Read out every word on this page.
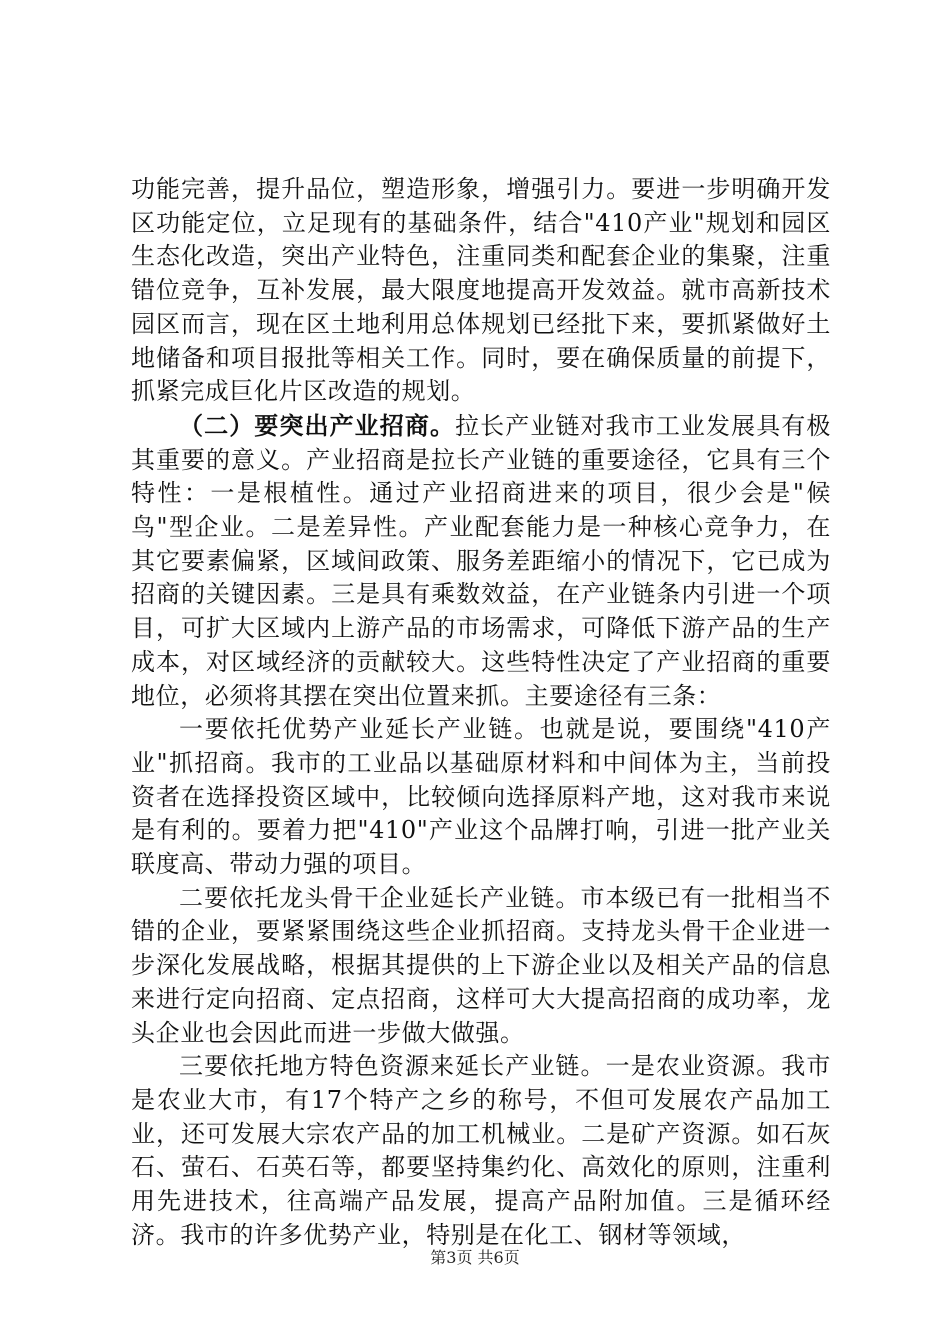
功能完善，提升品位，塑造形象，增强引力。要进一步明确开发区功能定位，立足现有的基础条件，结合"410产业"规划和园区生态化改造，突出产业特色，注重同类和配套企业的集聚，注重错位竞争，互补发展，最大限度地提高开发效益。就市高新技术园区而言，现在区土地利用总体规划已经批下来，要抓紧做好土地储备和项目报批等相关工作。同时，要在确保质量的前提下，抓紧完成巨化片区改造的规划。

（二）要突出产业招商。拉长产业链对我市工业发展具有极其重要的意义。产业招商是拉长产业链的重要途径，它具有三个特性：一是根植性。通过产业招商进来的项目，很少会是"候鸟"型企业。二是差异性。产业配套能力是一种核心竞争力，在其它要素偏紧，区域间政策、服务差距缩小的情况下，它已成为招商的关键因素。三是具有乘数效益，在产业链条内引进一个项目，可扩大区域内上游产品的市场需求，可降低下游产品的生产成本，对区域经济的贡献较大。这些特性决定了产业招商的重要地位，必须将其摆在突出位置来抓。主要途径有三条：

一要依托优势产业延长产业链。也就是说，要围绕"410产业"抓招商。我市的工业品以基础原材料和中间体为主，当前投资者在选择投资区域中，比较倾向选择原料产地，这对我市来说是有利的。要着力把"410"产业这个品牌打响，引进一批产业关联度高、带动力强的项目。

二要依托龙头骨干企业延长产业链。市本级已有一批相当不错的企业，要紧紧围绕这些企业抓招商。支持龙头骨干企业进一步深化发展战略，根据其提供的上下游企业以及相关产品的信息来进行定向招商、定点招商，这样可大大提高招商的成功率，龙头企业也会因此而进一步做大做强。

三要依托地方特色资源来延长产业链。一是农业资源。我市是农业大市，有17个特产之乡的称号，不但可发展农产品加工业，还可发展大宗农产品的加工机械业。二是矿产资源。如石灰石、萤石、石英石等，都要坚持集约化、高效化的原则，注重利用先进技术，往高端产品发展，提高产品附加值。三是循环经济。我市的许多优势产业，特别是在化工、钢材等领域，

第3页 共6页
